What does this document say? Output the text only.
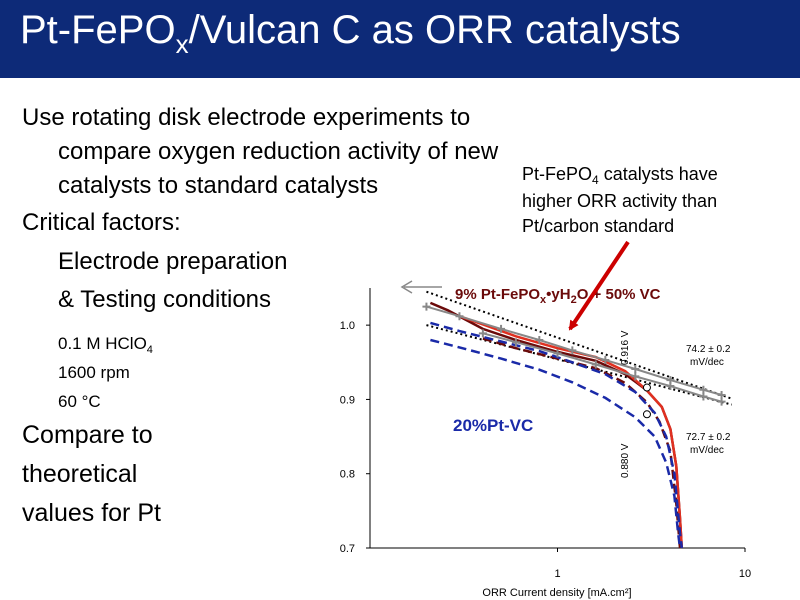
Pt-FePO$_x$/Vulcan C as ORR catalysts
Use rotating disk electrode experiments to
compare oxygen reduction activity of new
catalysts to standard catalysts
Critical factors:
Electrode preparation
& Testing conditions
0.1 M HClO$_4$
1600 rpm
60 °C
Compare to
theoretical
values for Pt
Pt-FePO$_4$ catalysts have
higher ORR activity than
Pt/carbon standard
1.0
0.9
0.8
0.7
1	10
ORR Current density [mA.cm²]
9% $Pt-FePO_x•yH_2O + 50\%$ VC
20%Pt-VC
0.916 V
0.880 V
74.2 ± 0.2
mV/dec
72.7 ± 0.2
mV/dec
